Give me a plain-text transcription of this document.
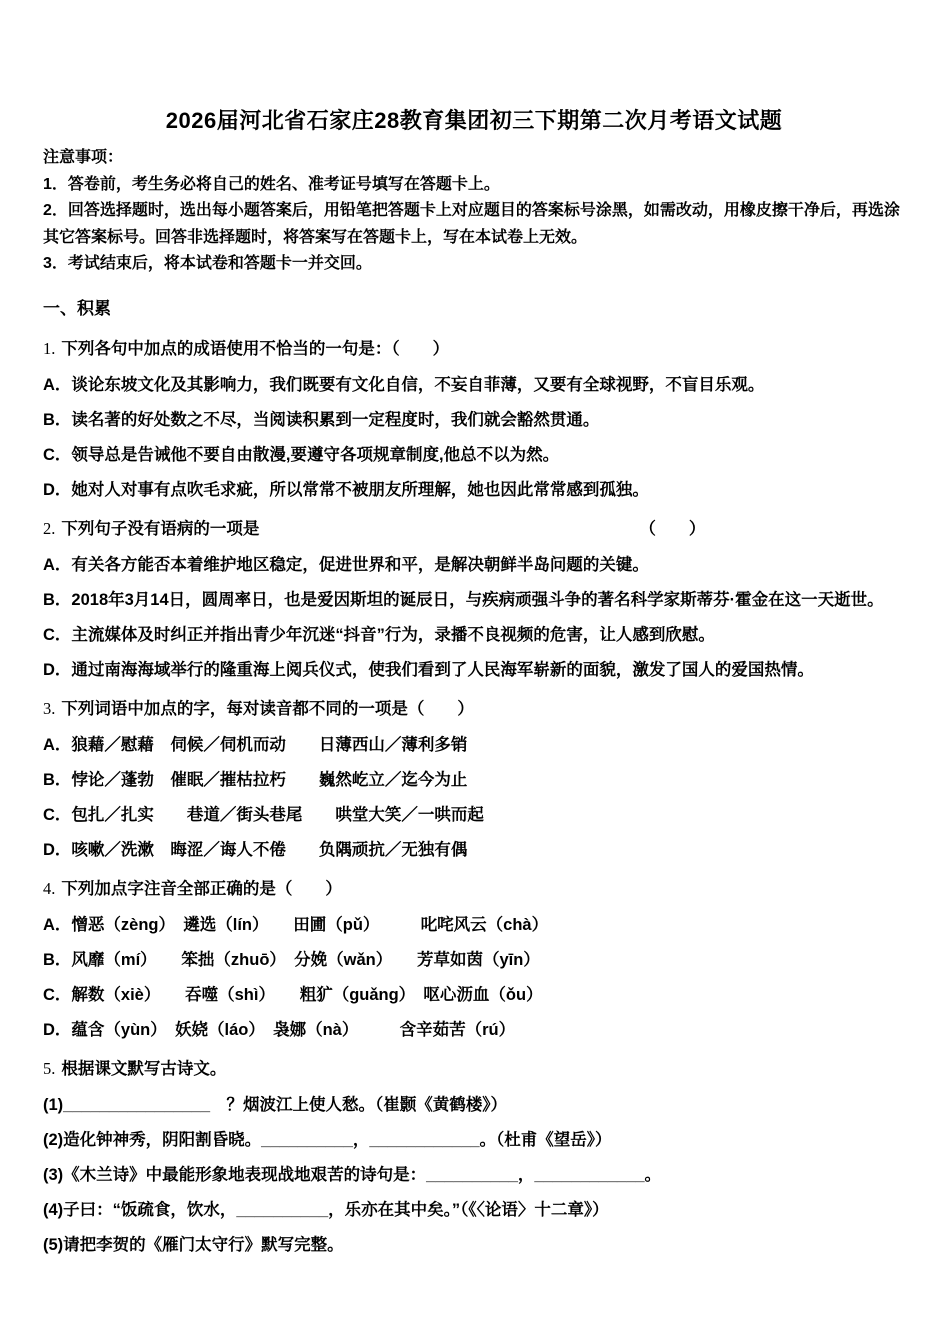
2026届河北省石家庄28教育集团初三下期第二次月考语文试题
注意事项：
1．答卷前，考生务必将自己的姓名、准考证号填写在答题卡上。
2．回答选择题时，选出每小题答案后，用铅笔把答题卡上对应题目的答案标号涂黑，如需改动，用橡皮擦干净后，再选涂其它答案标号。回答非选择题时，将答案写在答题卡上，写在本试卷上无效。
3．考试结束后，将本试卷和答题卡一并交回。
一、积累
1. 下列各句中加点的成语使用不恰当的一句是：（　　）
A．谈论东坡文化及其影响力，我们既要有文化自信，不妄自菲薄，又要有全球视野，不盲目乐观。
B．读名著的好处数之不尽，当阅读积累到一定程度时，我们就会豁然贯通。
C．领导总是告诫他不要自由散漫,要遵守各项规章制度,他总不以为然。
D．她对人对事有点吹毛求疵，所以常常不被朋友所理解，她也因此常常感到孤独。
2. 下列句子没有语病的一项是	（　　）
A．有关各方能否本着维护地区稳定，促进世界和平，是解决朝鲜半岛问题的关键。
B．2018年3月14日，圆周率日，也是爱因斯坦的诞辰日，与疾病顽强斗争的著名科学家斯蒂芬·霍金在这一天逝世。
C．主流媒体及时纠正并指出青少年沉迷“抖音”行为，录播不良视频的危害，让人感到欣慰。
D．通过南海海域举行的隆重海上阅兵仪式，使我们看到了人民海军崭新的面貌，激发了国人的爱国热情。
3. 下列词语中加点的字，每对读音都不同的一项是（　　）
A．狼藉／慰藉　伺候／伺机而动　　日薄西山／薄利多销
B．悖论／蓬勃　催眠／摧枯拉朽　　巍然屹立／迄今为止
C．包扎／扎实　　巷道／街头巷尾　　哄堂大笑／一哄而起
D．咳嗽／洗漱　晦涩／诲人不倦　　负隅顽抗／无独有偶
4. 下列加点字注音全部正确的是（　　）
A．憎恶（zèng）　遴选（lín）　　田圃（pǔ）　　　叱咤风云（chà）
B．风靡（mí）　　笨拙（zhuō）　分娩（wǎn）　　芳草如茵（yīn）
C．解数（xiè）　　吞噬（shì）　　粗犷（guǎng）　呕心沥血（ǒu）
D．蕴含（yùn）　妖娆（láo）　袅娜（nà）　　　含辛茹苦（rú）
5. 根据课文默写古诗文。
(1)________________　？烟波江上使人愁。（崔颢《黄鹤楼》）
(2)造化钟神秀，阴阳割昏晓。__________，____________。（杜甫《望岳》）
(3)《木兰诗》中最能形象地表现战地艰苦的诗句是：__________，____________。
(4)子曰：“饭疏食，饮水，__________，乐亦在其中矣。”（《〈论语〉十二章》）
(5)请把李贺的《雁门太守行》默写完整。
